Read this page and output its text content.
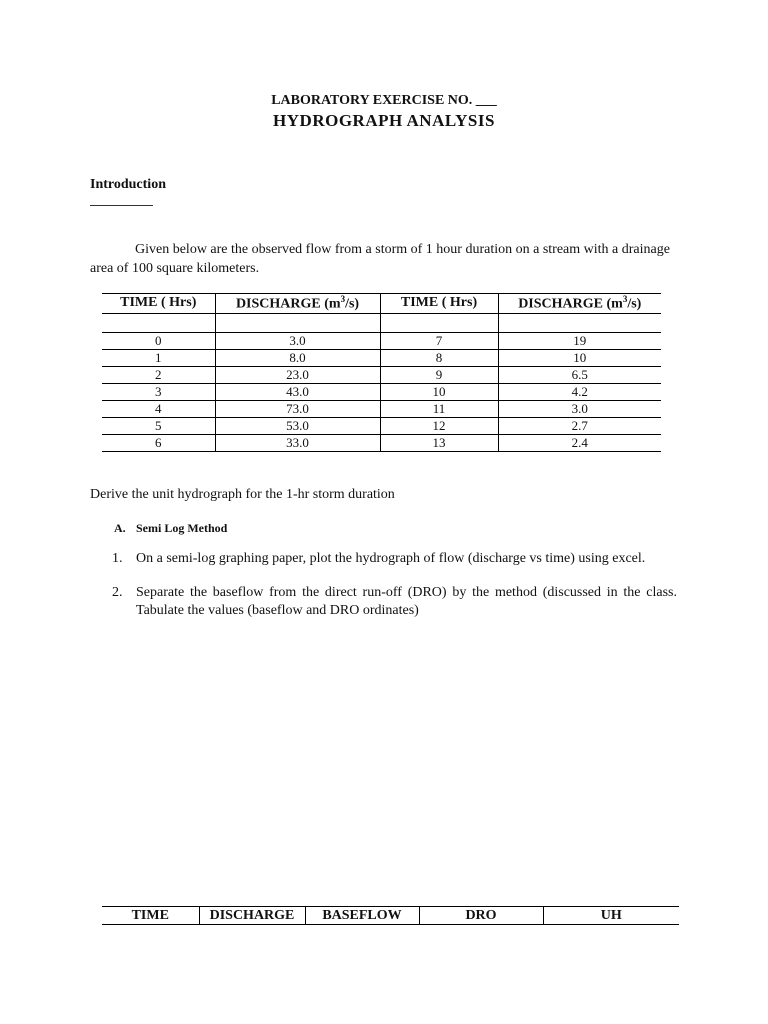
LABORATORY EXERCISE NO. ___
HYDROGRAPH ANALYSIS
Introduction
Given below are the observed flow from a storm of 1 hour duration on a stream with a drainage area of 100 square kilometers.
TIME ( Hrs)	DISCHARGE $(m^3/s)$	TIME ( Hrs)	DISCHARGE $(m^3/s)$

0	3.0	7	19
1	8.0	8	10
2	23.0	9	6.5
3	43.0	10	4.2
4	73.0	11	3.0
5	53.0	12	2.7
6	33.0	13	2.4
Derive the unit hydrograph for the 1-hr storm duration
A. Semi Log Method
1. On a semi-log graphing paper, plot the hydrograph of flow (discharge vs time) using excel.
2. Separate the baseflow from the direct run-off (DRO) by the method (discussed in the class. Tabulate the values (baseflow and DRO ordinates)
TIME	DISCHARGE	BASEFLOW	DRO	UH
